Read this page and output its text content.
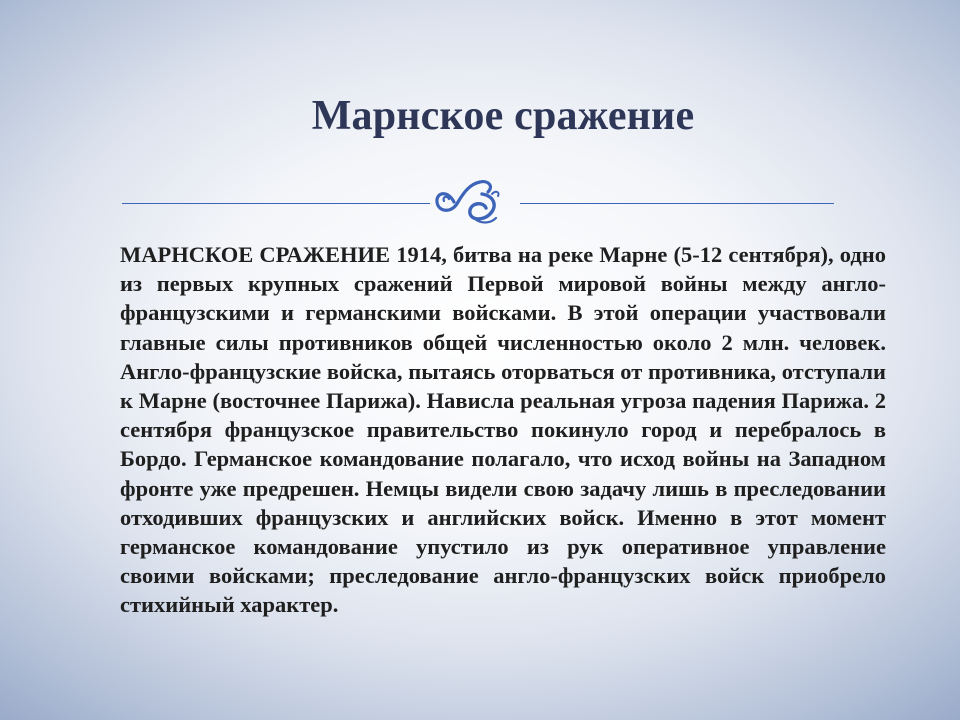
Марнское сражение
МАРНСКОЕ СРАЖЕНИЕ 1914, битва на реке Марне (5-12 сентября), одно из первых крупных сражений Первой мировой войны между англо-французскими и германскими войсками. В этой операции участвовали главные силы противников общей численностью около 2 млн. человек. Англо-французские войска, пытаясь оторваться от противника, отступали к Марне (восточнее Парижа). Нависла реальная угроза падения Парижа. 2 сентября французское правительство покинуло город и перебралось в Бордо. Германское командование полагало, что исход войны на Западном фронте уже предрешен. Немцы видели свою задачу лишь в преследовании отходивших французских и английских войск. Именно в этот момент германское командование упустило из рук оперативное управление своими войсками; преследование англо-французских войск приобрело стихийный характер.
